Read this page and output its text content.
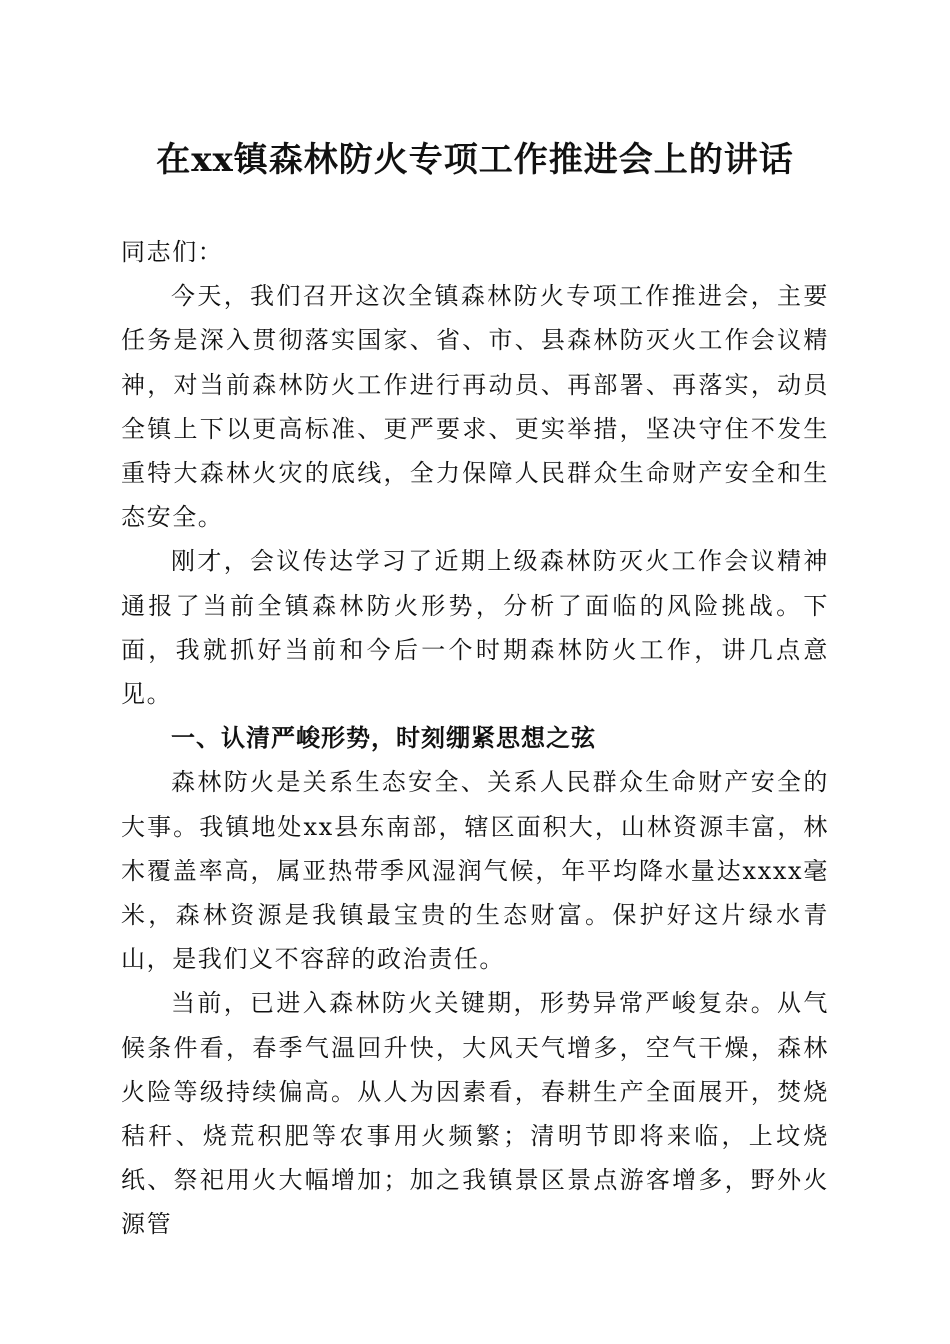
在xx镇森林防火专项工作推进会上的讲话

同志们：

今天，我们召开这次全镇森林防火专项工作推进会，主要任务是深入贯彻落实国家、省、市、县森林防灭火工作会议精神，对当前森林防火工作进行再动员、再部署、再落实，动员全镇上下以更高标准、更严要求、更实举措，坚决守住不发生重特大森林火灾的底线，全力保障人民群众生命财产安全和生态安全。

刚才，会议传达学习了近期上级森林防灭火工作会议精神通报了当前全镇森林防火形势，分析了面临的风险挑战。下面，我就抓好当前和今后一个时期森林防火工作，讲几点意见。

一、认清严峻形势，时刻绷紧思想之弦

森林防火是关系生态安全、关系人民群众生命财产安全的大事。我镇地处xx县东南部，辖区面积大，山林资源丰富，林木覆盖率高，属亚热带季风湿润气候，年平均降水量达xxxx毫米，森林资源是我镇最宝贵的生态财富。保护好这片绿水青山，是我们义不容辞的政治责任。

当前，已进入森林防火关键期，形势异常严峻复杂。从气候条件看，春季气温回升快，大风天气增多，空气干燥，森林火险等级持续偏高。从人为因素看，春耕生产全面展开，焚烧秸秆、烧荒积肥等农事用火频繁；清明节即将来临，上坟烧纸、祭祀用火大幅增加；加之我镇景区景点游客增多，野外火源管
